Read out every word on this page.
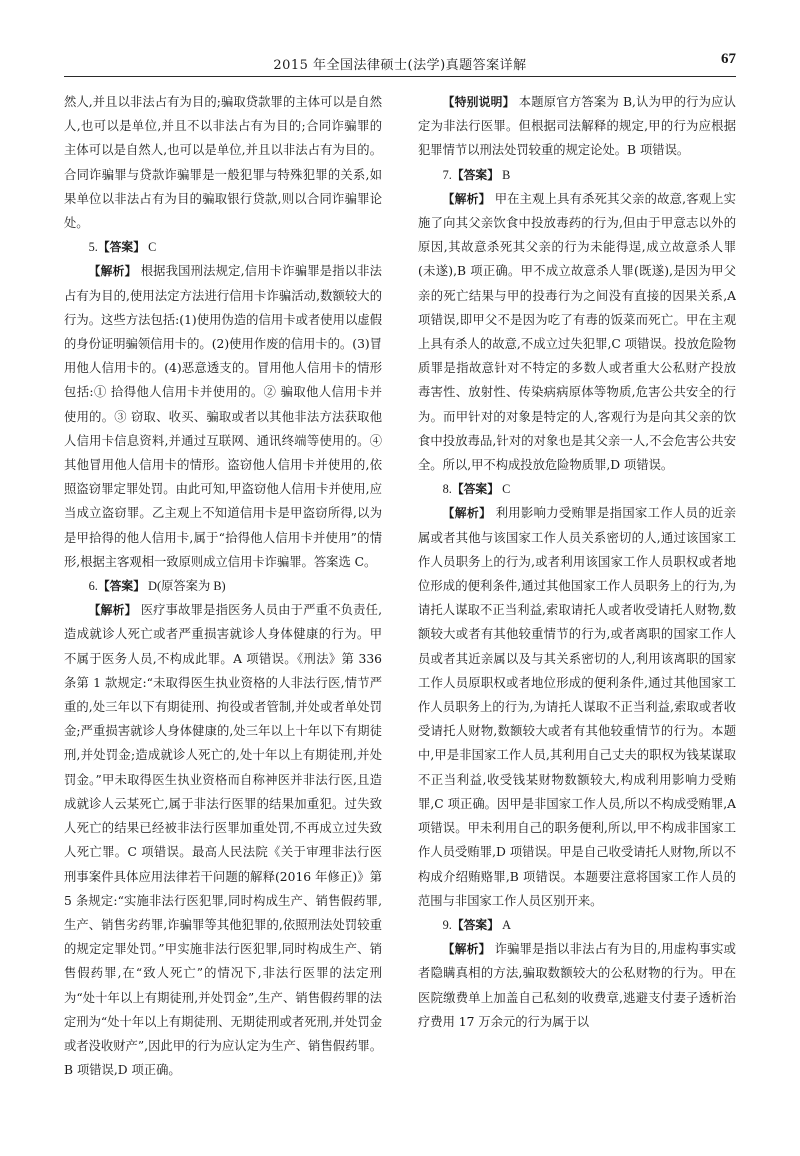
2015 年全国法律硕士(法学)真题答案详解	67

然人,并且以非法占有为目的;骗取贷款罪的主体可以是自然人,也可以是单位,并且不以非法占有为目的;合同诈骗罪的主体可以是自然人,也可以是单位,并且以非法占有为目的。合同诈骗罪与贷款诈骗罪是一般犯罪与特殊犯罪的关系,如果单位以非法占有为目的骗取银行贷款,则以合同诈骗罪论处。

5.【答案】 C

【解析】 根据我国刑法规定,信用卡诈骗罪是指以非法占有为目的,使用法定方法进行信用卡诈骗活动,数额较大的行为。这些方法包括:(1)使用伪造的信用卡或者使用以虚假的身份证明骗领信用卡的。(2)使用作废的信用卡的。(3)冒用他人信用卡的。(4)恶意透支的。冒用他人信用卡的情形包括:① 拾得他人信用卡并使用的。② 骗取他人信用卡并使用的。③ 窃取、收买、骗取或者以其他非法方法获取他人信用卡信息资料,并通过互联网、通讯终端等使用的。④ 其他冒用他人信用卡的情形。盗窃他人信用卡并使用的,依照盗窃罪定罪处罚。由此可知,甲盗窃他人信用卡并使用,应当成立盗窃罪。乙主观上不知道信用卡是甲盗窃所得,以为是甲拾得的他人信用卡,属于“拾得他人信用卡并使用”的情形,根据主客观相一致原则成立信用卡诈骗罪。答案选 C。

6.【答案】 D(原答案为 B)

【解析】 医疗事故罪是指医务人员由于严重不负责任,造成就诊人死亡或者严重损害就诊人身体健康的行为。甲不属于医务人员,不构成此罪。A 项错误。《刑法》第 336 条第 1 款规定:“未取得医生执业资格的人非法行医,情节严重的,处三年以下有期徒刑、拘役或者管制,并处或者单处罚金;严重损害就诊人身体健康的,处三年以上十年以下有期徒刑,并处罚金;造成就诊人死亡的,处十年以上有期徒刑,并处罚金。”甲未取得医生执业资格而自称神医并非法行医,且造成就诊人云某死亡,属于非法行医罪的结果加重犯。过失致人死亡的结果已经被非法行医罪加重处罚,不再成立过失致人死亡罪。C 项错误。最高人民法院《关于审理非法行医刑事案件具体应用法律若干问题的解释(2016 年修正)》第 5 条规定:“实施非法行医犯罪,同时构成生产、销售假药罪,生产、销售劣药罪,诈骗罪等其他犯罪的,依照刑法处罚较重的规定定罪处罚。”甲实施非法行医犯罪,同时构成生产、销售假药罪,在“致人死亡”的情况下,非法行医罪的法定刑为“处十年以上有期徒刑,并处罚金”,生产、销售假药罪的法定刑为“处十年以上有期徒刑、无期徒刑或者死刑,并处罚金或者没收财产”,因此甲的行为应认定为生产、销售假药罪。B 项错误,D 项正确。

【特别说明】 本题原官方答案为 B,认为甲的行为应认定为非法行医罪。但根据司法解释的规定,甲的行为应根据犯罪情节以刑法处罚较重的规定论处。B 项错误。

7.【答案】 B

【解析】 甲在主观上具有杀死其父亲的故意,客观上实施了向其父亲饮食中投放毒药的行为,但由于甲意志以外的原因,其故意杀死其父亲的行为未能得逞,成立故意杀人罪(未遂),B 项正确。甲不成立故意杀人罪(既遂),是因为甲父亲的死亡结果与甲的投毒行为之间没有直接的因果关系,A 项错误,即甲父不是因为吃了有毒的饭菜而死亡。甲在主观上具有杀人的故意,不成立过失犯罪,C 项错误。投放危险物质罪是指故意针对不特定的多数人或者重大公私财产投放毒害性、放射性、传染病病原体等物质,危害公共安全的行为。而甲针对的对象是特定的人,客观行为是向其父亲的饮食中投放毒品,针对的对象也是其父亲一人,不会危害公共安全。所以,甲不构成投放危险物质罪,D 项错误。

8.【答案】 C

【解析】 利用影响力受贿罪是指国家工作人员的近亲属或者其他与该国家工作人员关系密切的人,通过该国家工作人员职务上的行为,或者利用该国家工作人员职权或者地位形成的便利条件,通过其他国家工作人员职务上的行为,为请托人谋取不正当利益,索取请托人或者收受请托人财物,数额较大或者有其他较重情节的行为,或者离职的国家工作人员或者其近亲属以及与其关系密切的人,利用该离职的国家工作人员原职权或者地位形成的便利条件,通过其他国家工作人员职务上的行为,为请托人谋取不正当利益,索取或者收受请托人财物,数额较大或者有其他较重情节的行为。本题中,甲是非国家工作人员,其利用自己丈夫的职权为钱某谋取不正当利益,收受钱某财物数额较大,构成利用影响力受贿罪,C 项正确。因甲是非国家工作人员,所以不构成受贿罪,A 项错误。甲未利用自己的职务便利,所以,甲不构成非国家工作人员受贿罪,D 项错误。甲是自己收受请托人财物,所以不构成介绍贿赂罪,B 项错误。本题要注意将国家工作人员的范围与非国家工作人员区别开来。

9.【答案】 A

【解析】 诈骗罪是指以非法占有为目的,用虚构事实或者隐瞒真相的方法,骗取数额较大的公私财物的行为。甲在医院缴费单上加盖自己私刻的收费章,逃避支付妻子透析治疗费用 17 万余元的行为属于以
